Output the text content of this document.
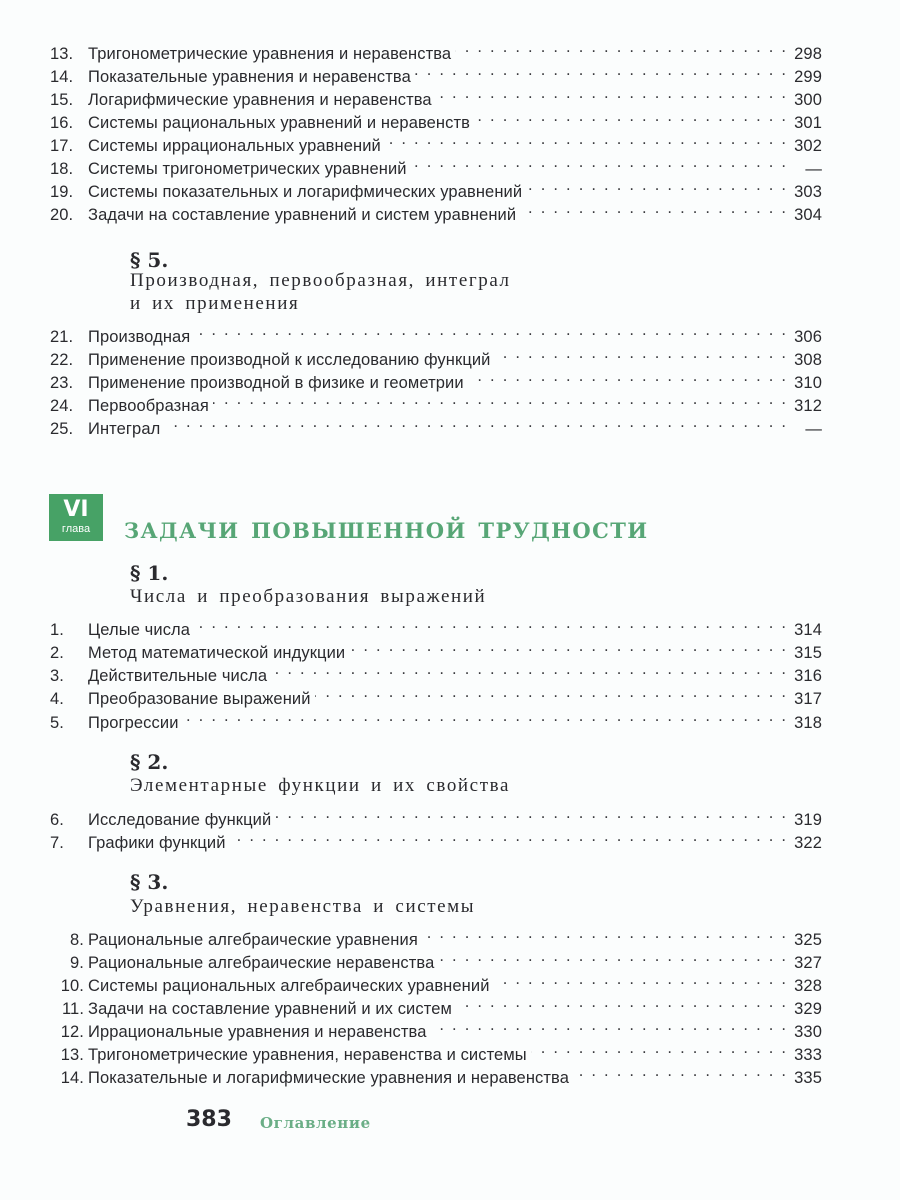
13. Тригонометрические уравнения и неравенства . . .	298
14. Показательные уравнения и неравенства . . .	299
15. Логарифмические уравнения и неравенства . . .	300
16. Системы рациональных уравнений и неравенств . . .	301
17. Системы иррациональных уравнений . . .	302
18. Системы тригонометрических уравнений . . .	—
19. Системы показательных и логарифмических уравнений . . .	303
20. Задачи на составление уравнений и систем уравнений . . .	304
§ 5.
Производная, первообразная, интеграл
и их применения
21. Производная . . .	306
22. Применение производной к исследованию функций . . .	308
23. Применение производной в физике и геометрии . . .	310
24. Первообразная . . .	312
25. Интеграл . . .	—
VI
глава	ЗАДАЧИ ПОВЫШЕННОЙ ТРУДНОСТИ
§ 1.
Числа и преобразования выражений
1.	Целые числа . . .	314
2.	Метод математической индукции . . .	315
3.	Действительные числа . . .	316
4.	Преобразование выражений . . .	317
5.	Прогрессии . . .	318
§ 2.
Элементарные функции и их свойства
6.	Исследование функций . . .	319
7.	Графики функций . . .	322
§ 3.
Уравнения, неравенства и системы
8. Рациональные алгебраические уравнения . . .	325
9. Рациональные алгебраические неравенства . . .	327
10. Системы рациональных алгебраических уравнений . . .	328
11. Задачи на составление уравнений и их систем . . .	329
12. Иррациональные уравнения и неравенства . . .	330
13. Тригонометрические уравнения, неравенства и системы . . .	333
14. Показательные и логарифмические уравнения и неравенства . . .	335
383 Оглавление
